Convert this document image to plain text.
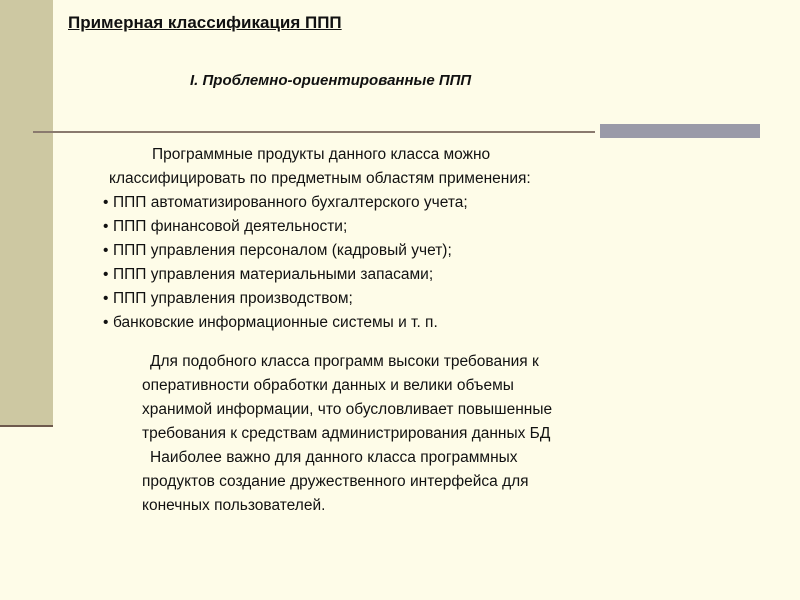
Примерная классификация ППП
I. Проблемно-ориентированные ППП
Программные продукты данного класса можно
классифицировать по предметным областям применения:
• ППП автоматизированного бухгалтерского учета;
• ППП финансовой деятельности;
• ППП управления персоналом (кадровый учет);
• ППП управления материальными запасами;
• ППП управления производством;
• банковские информационные системы и т. п.
Для подобного класса программ высоки требования к
оперативности обработки данных и велики объемы
хранимой информации, что обусловливает повышенные
требования к средствам администрирования данных БД
Наиболее важно для данного класса программных
продуктов создание дружественного интерфейса для
конечных пользователей.
